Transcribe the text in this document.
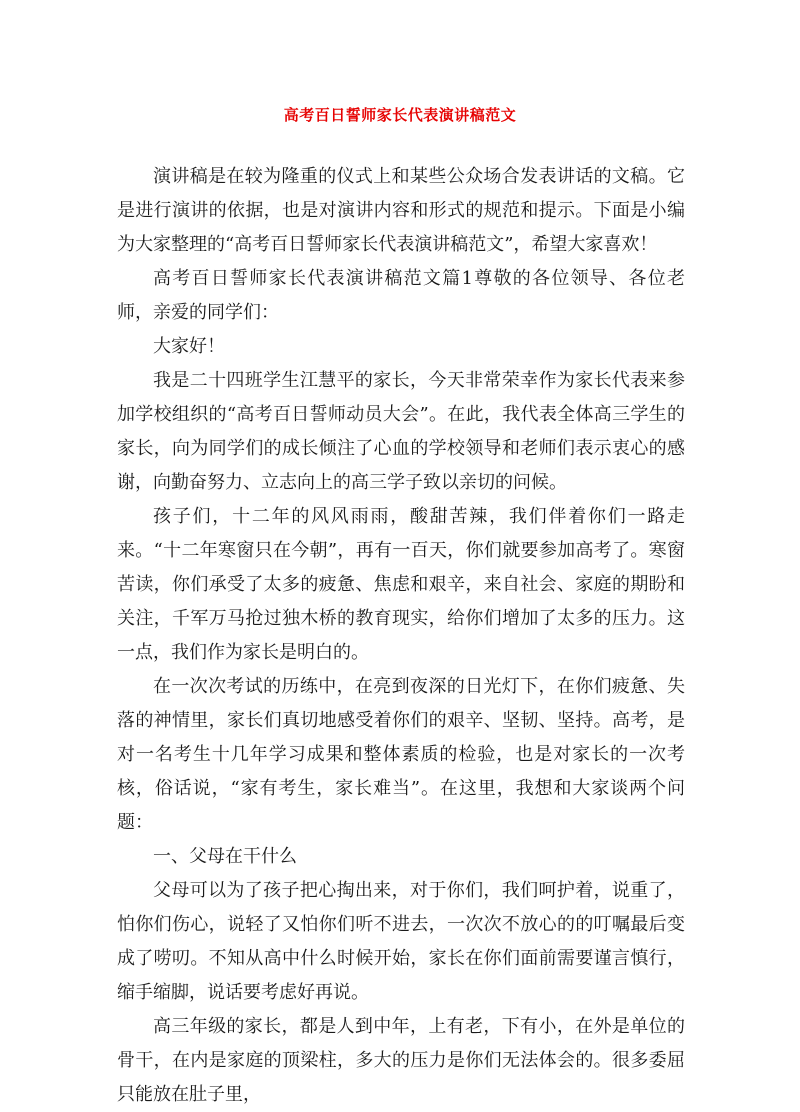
高考百日誓师家长代表演讲稿范文

演讲稿是在较为隆重的仪式上和某些公众场合发表讲话的文稿。它是进行演讲的依据，也是对演讲内容和形式的规范和提示。下面是小编为大家整理的“高考百日誓师家长代表演讲稿范文”，希望大家喜欢！

高考百日誓师家长代表演讲稿范文篇1尊敬的各位领导、各位老师，亲爱的同学们：

大家好！

我是二十四班学生江慧平的家长，今天非常荣幸作为家长代表来参加学校组织的“高考百日誓师动员大会”。在此，我代表全体高三学生的家长，向为同学们的成长倾注了心血的学校领导和老师们表示衷心的感谢，向勤奋努力、立志向上的高三学子致以亲切的问候。

孩子们，十二年的风风雨雨，酸甜苦辣，我们伴着你们一路走来。“十二年寒窗只在今朝”，再有一百天，你们就要参加高考了。寒窗苦读，你们承受了太多的疲惫、焦虑和艰辛，来自社会、家庭的期盼和关注，千军万马抢过独木桥的教育现实，给你们增加了太多的压力。这一点，我们作为家长是明白的。

在一次次考试的历练中，在亮到夜深的日光灯下，在你们疲惫、失落的神情里，家长们真切地感受着你们的艰辛、坚韧、坚持。高考，是对一名考生十几年学习成果和整体素质的检验，也是对家长的一次考核，俗话说，“家有考生，家长难当”。在这里，我想和大家谈两个问题：

一、父母在干什么

父母可以为了孩子把心掏出来，对于你们，我们呵护着，说重了，怕你们伤心，说轻了又怕你们听不进去，一次次不放心的的叮嘱最后变成了唠叨。不知从高中什么时候开始，家长在你们面前需要谨言慎行，缩手缩脚，说话要考虑好再说。

高三年级的家长，都是人到中年，上有老，下有小，在外是单位的骨干，在内是家庭的顶梁柱，多大的压力是你们无法体会的。很多委屈只能放在肚子里，
